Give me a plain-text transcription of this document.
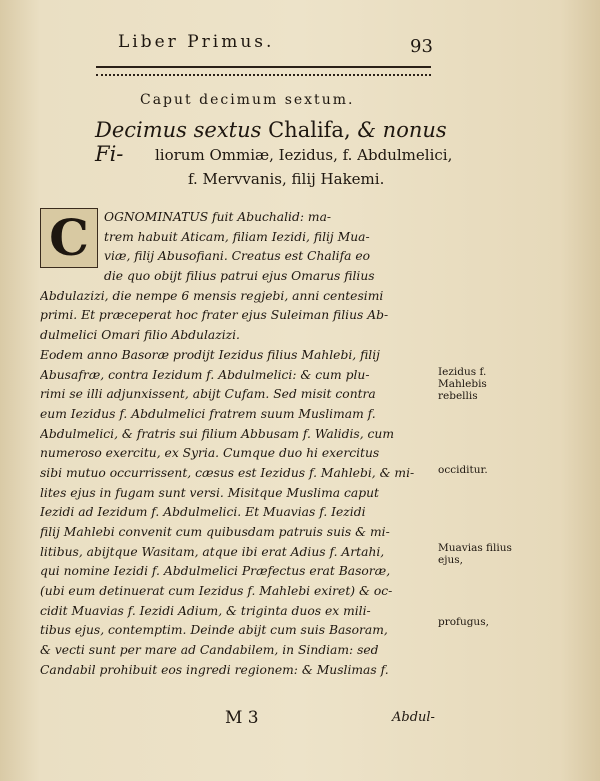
Liber Primus.	93
Caput decimum sextum.
Decimus sextus Chalifa, & nonus Fi-	liorum Ommiæ, Iezidus, f. Abdulmelici,
f. Mervvanis, filij Hakemi.
OGNOMINATUS fuit Abuchalid: ma-
trem habuit Aticam, filiam Iezidi, filij Mua-
viæ, filij Abusofiani. Creatus est Chalifa eo
die quo obijt filius patrui ejus Omarus filius
Abdulazizi, die nempe 6 mensis regjebi, anni centesimi
primi. Et præceperat hoc frater ejus Suleiman filius Ab-
dulmelici Omari filio Abdulazizi.
Eodem anno Basoræ prodijt Iezidus filius Mahlebi, filij
Abusafræ, contra Iezidum f. Abdulmelici: & cum plu-
rimi se illi adjunxissent, abijt Cufam. Sed misit contra
eum Iezidus f. Abdulmelici fratrem suum Muslimam f.
Abdulmelici, & fratris sui filium Abbusam f. Walidis, cum
numeroso exercitu, ex Syria. Cumque duo hi exercitus
sibi mutuo occurrissent, cæsus est Iezidus f. Mahlebi, & mi-
lites ejus in fugam sunt versi. Misitque Muslima caput
Iezidi ad Iezidum f. Abdulmelici. Et Muavias f. Iezidi
filij Mahlebi convenit cum quibusdam patruis suis & mi-
litibus, abijtque Wasitam, atque ibi erat Adius f. Artahi,
qui nomine Iezidi f. Abdulmelici Præfectus erat Basoræ,
(ubi eum detinuerat cum Iezidus f. Mahlebi exiret) & oc-
cidit Muavias f. Iezidi Adium, & triginta duos ex mili-
tibus ejus, contemptim. Deinde abijt cum suis Basoram,
& vecti sunt per mare ad Candabilem, in Sindiam: sed
Candabil prohibuit eos ingredi regionem: & Muslimas f.
C
Iezidus f. Mahlebis rebellis
occiditur.
Muavias filius ejus,
profugus,
M 3	Abdul-
